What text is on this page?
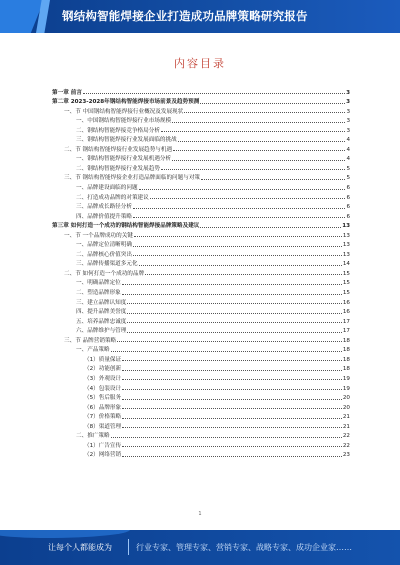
钢结构智能焊接企业打造成功品牌策略研究报告
内容目录
第一章 前言	3
第二章 2023-2028年钢结构智能焊接市场前景及趋势预测	3
一、节 中国钢结构智能焊接行业概况及发展现状	3
一、中国钢结构智能焊接行业市场规模	3
二、钢结构智能焊接竞争格局分析	3
三、钢结构智能焊接行业发展面临的挑战	4
二、节 钢结构智能焊接行业发展趋势与机遇	4
一、钢结构智能焊接行业发展机遇分析	4
二、钢结构智能焊接行业发展趋势	5
三、节 钢结构智能焊接企业打造品牌面临的问题与对策	5
一、品牌建设面临的问题	6
二、打造成功品牌的对策建议	6
三、品牌成长路径分析	6
四、品牌价值提升策略	6
第三章 如何打造一个成功的钢结构智能焊接品牌策略及建议	13
一、节 一个品牌成功的关键	13
一、品牌定位清晰明确	13
二、品牌核心价值突出	13
三、品牌传播渠道多元化	14
二、节 如何打造一个成功的品牌	15
一、明确品牌定位	15
二、塑造品牌形象	15
三、建立品牌认知度	16
四、提升品牌美誉度	16
五、培养品牌忠诚度	17
六、品牌维护与管理	17
三、节 品牌营销策略	18
一、产品策略	18
（1）质量保证	18
（2）功能创新	18
（3）外观设计	19
（4）包装设计	19
（5）售后服务	20
（6）品牌形象	20
（7）价格策略	21
（8）渠道管理	21
二、推广策略	22
（1）广告宣传	22
（2）网络营销	23
1
让每个人都能成为	行业专家、管理专家、营销专家、战略专家、成功企业家……
